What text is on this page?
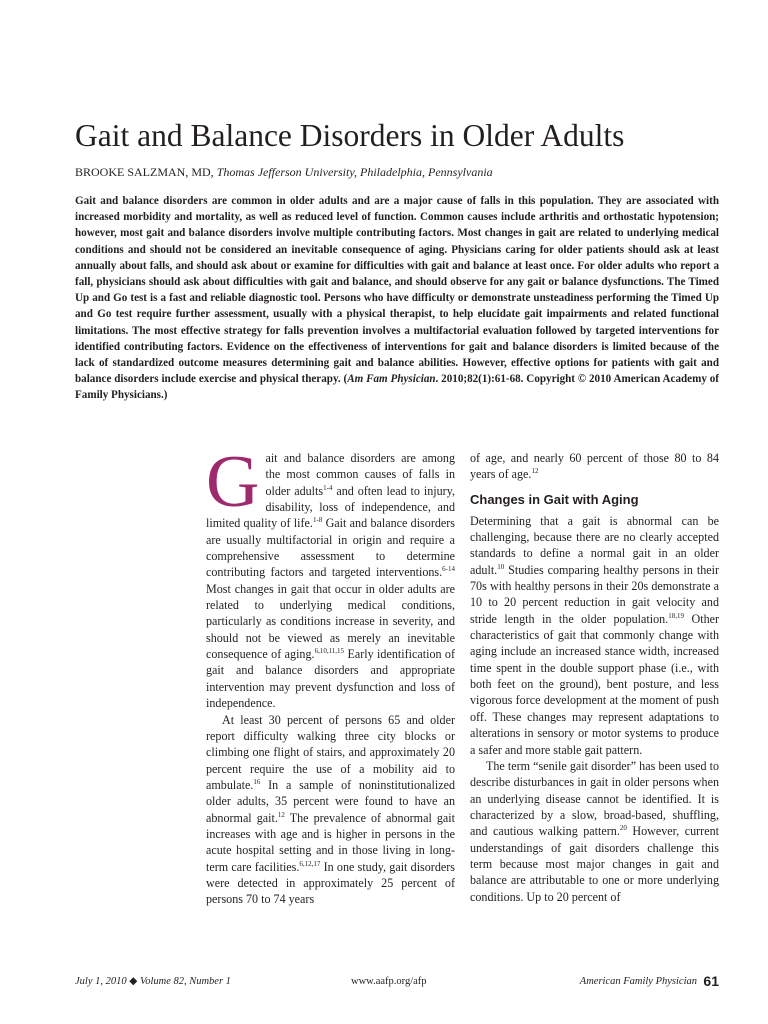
Gait and Balance Disorders in Older Adults
BROOKE SALZMAN, MD, Thomas Jefferson University, Philadelphia, Pennsylvania

Gait and balance disorders are common in older adults and are a major cause of falls in this population. They are associated with increased morbidity and mortality, as well as reduced level of function. Common causes include arthritis and orthostatic hypotension; however, most gait and balance disorders involve multiple contributing factors. Most changes in gait are related to underlying medical conditions and should not be considered an inevitable consequence of aging. Physicians caring for older patients should ask at least annually about falls, and should ask about or examine for difficulties with gait and balance at least once. For older adults who report a fall, physicians should ask about difficulties with gait and balance, and should observe for any gait or balance dysfunctions. The Timed Up and Go test is a fast and reliable diagnostic tool. Persons who have difficulty or demonstrate unsteadiness performing the Timed Up and Go test require further assessment, usually with a physical therapist, to help elucidate gait impairments and related functional limitations. The most effective strategy for falls prevention involves a multifactorial evaluation followed by targeted interventions for identified contributing factors. Evidence on the effectiveness of interventions for gait and balance disorders is limited because of the lack of standardized outcome measures determining gait and balance abilities. However, effective options for patients with gait and balance disorders include exercise and physical therapy. (Am Fam Physician. 2010;82(1):61-68. Copyright © 2010 American Academy of Family Physicians.)

Gait and balance disorders are among the most common causes of falls in older adults$^{1-4}$ and often lead to injury, disability, loss of independence, and limited quality of life.$^{1-8}$ Gait and balance disorders are usually multifactorial in origin and require a comprehensive assessment to determine contributing factors and targeted interventions.$^{6-14}$ Most changes in gait that occur in older adults are related to underlying medical conditions, particularly as conditions increase in severity, and should not be viewed as merely an inevitable consequence of aging.$^{6,10,11,15}$ Early identification of gait and balance disorders and appropriate intervention may prevent dysfunction and loss of independence.

At least 30 percent of persons 65 and older report difficulty walking three city blocks or climbing one flight of stairs, and approximately 20 percent require the use of a mobility aid to ambulate.$^{16}$ In a sample of noninstitutionalized older adults, 35 percent were found to have an abnormal gait.$^{12}$ The prevalence of abnormal gait increases with age and is higher in persons in the acute hospital setting and in those living in long-term care facilities.$^{6,12,17}$ In one study, gait disorders were detected in approximately 25 percent of persons 70 to 74 years

of age, and nearly 60 percent of those 80 to 84 years of age.$^{12}$

Changes in Gait with Aging

Determining that a gait is abnormal can be challenging, because there are no clearly accepted standards to define a normal gait in an older adult.$^{10}$ Studies comparing healthy persons in their 70s with healthy persons in their 20s demonstrate a 10 to 20 percent reduction in gait velocity and stride length in the older population.$^{18,19}$ Other characteristics of gait that commonly change with aging include an increased stance width, increased time spent in the double support phase (i.e., with both feet on the ground), bent posture, and less vigorous force development at the moment of push off. These changes may represent adaptations to alterations in sensory or motor systems to produce a safer and more stable gait pattern.

The term “senile gait disorder” has been used to describe disturbances in gait in older persons when an underlying disease cannot be identified. It is characterized by a slow, broad-based, shuffling, and cautious walking pattern.$^{20}$ However, current understandings of gait disorders challenge this term because most major changes in gait and balance are attributable to one or more underlying conditions. Up to 20 percent of

July 1, 2010 ◆ Volume 82, Number 1	www.aafp.org/afp	American Family Physician 61
